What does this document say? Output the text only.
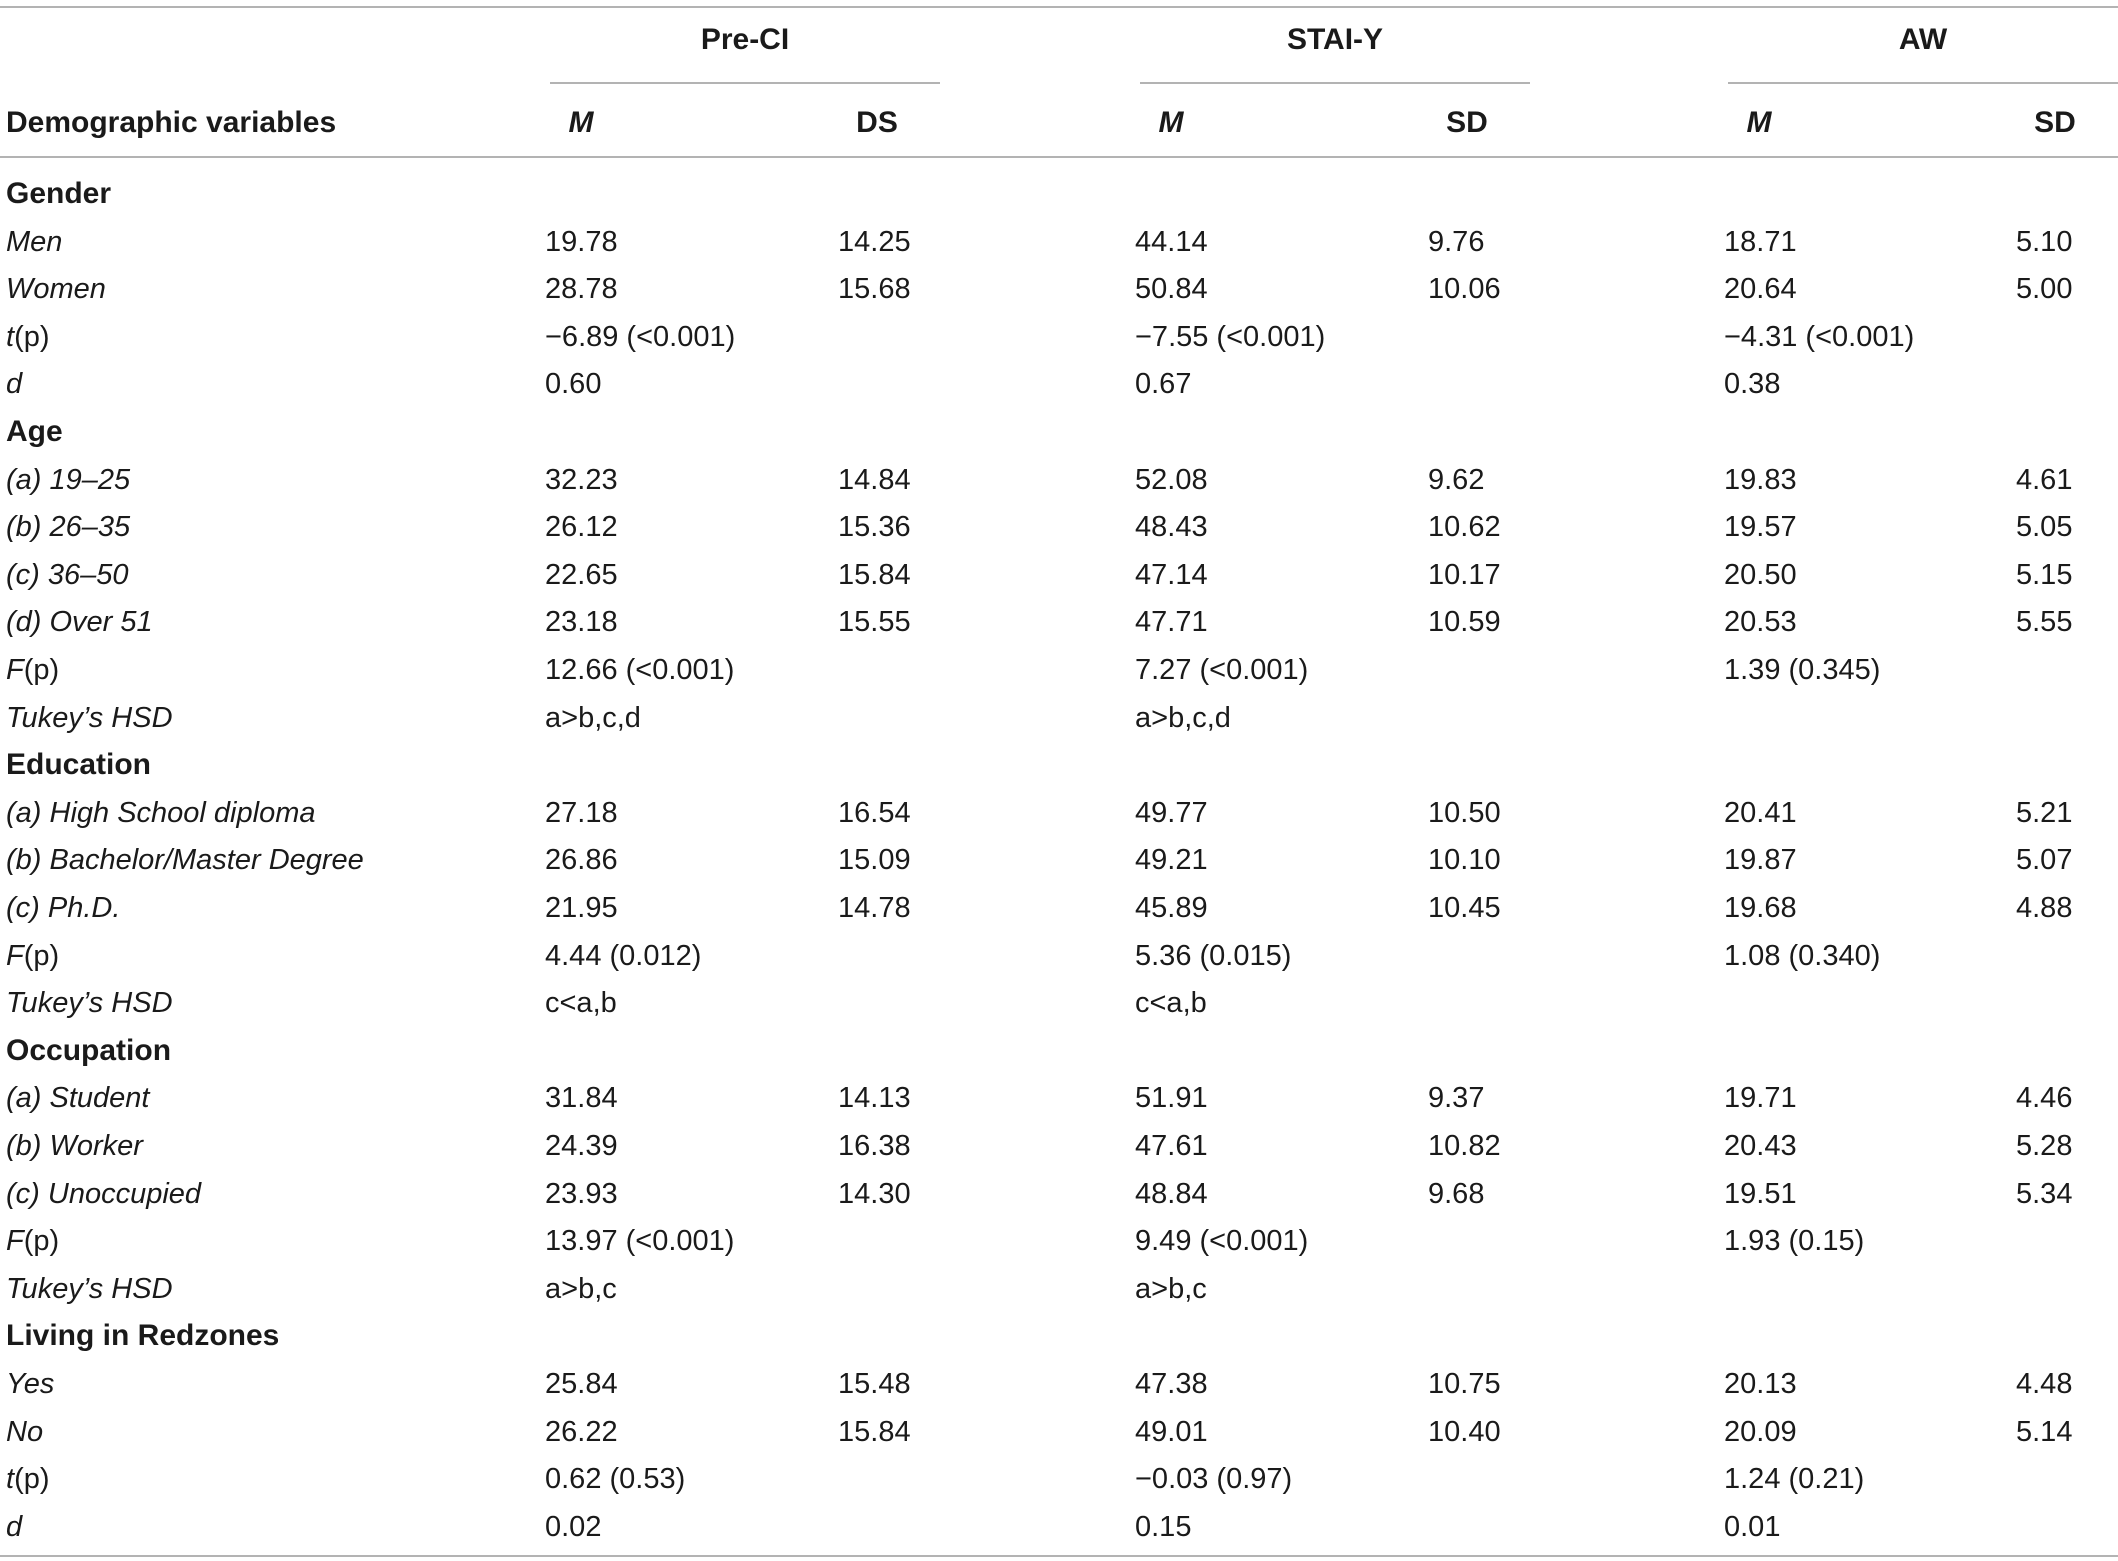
Pre-CI	STAI-Y	AW
Demographic variables	M	DS	M	SD	M	SD
Gender
Men	19.78	14.25	44.14	9.76	18.71	5.10
Women	28.78	15.68	50.84	10.06	20.64	5.00
t(p)	−6.89 (<0.001)	−7.55 (<0.001)	−4.31 (<0.001)
d	0.60	0.67	0.38
Age
(a) 19–25	32.23	14.84	52.08	9.62	19.83	4.61
(b) 26–35	26.12	15.36	48.43	10.62	19.57	5.05
(c) 36–50	22.65	15.84	47.14	10.17	20.50	5.15
(d) Over 51	23.18	15.55	47.71	10.59	20.53	5.55
F(p)	12.66 (<0.001)	7.27 (<0.001)	1.39 (0.345)
Tukey’s HSD	a>b,c,d	a>b,c,d
Education
(a) High School diploma	27.18	16.54	49.77	10.50	20.41	5.21
(b) Bachelor/Master Degree	26.86	15.09	49.21	10.10	19.87	5.07
(c) Ph.D.	21.95	14.78	45.89	10.45	19.68	4.88
F(p)	4.44 (0.012)	5.36 (0.015)	1.08 (0.340)
Tukey’s HSD	c<a,b	c<a,b
Occupation
(a) Student	31.84	14.13	51.91	9.37	19.71	4.46
(b) Worker	24.39	16.38	47.61	10.82	20.43	5.28
(c) Unoccupied	23.93	14.30	48.84	9.68	19.51	5.34
F(p)	13.97 (<0.001)	9.49 (<0.001)	1.93 (0.15)
Tukey’s HSD	a>b,c	a>b,c
Living in Redzones
Yes	25.84	15.48	47.38	10.75	20.13	4.48
No	26.22	15.84	49.01	10.40	20.09	5.14
t(p)	0.62 (0.53)	−0.03 (0.97)	1.24 (0.21)
d	0.02	0.15	0.01
